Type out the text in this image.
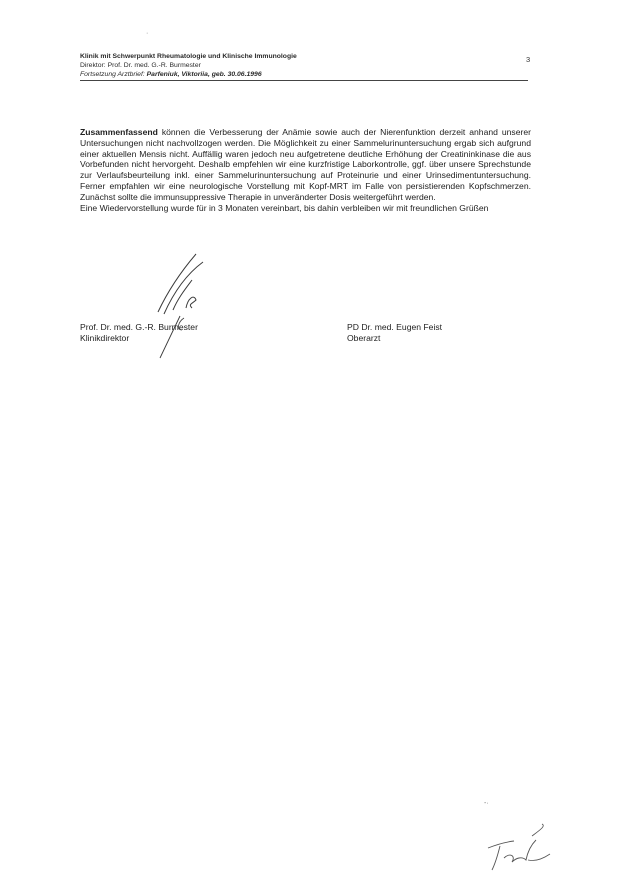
Klinik mit Schwerpunkt Rheumatologie und Klinische Immunologie
Direktor: Prof. Dr. med. G.-R. Burmester
Fortsetzung Arztbrief: Parfeniuk, Viktoriia, geb. 30.06.1996
3
·

Zusammenfassend können die Verbesserung der Anämie sowie auch der Nierenfunktion derzeit anhand unserer Untersuchungen nicht nachvollzogen werden. Die Möglichkeit zu einer Sammelurinuntersuchung ergab sich aufgrund einer aktuellen Mensis nicht. Auffällig waren jedoch neu aufgetretene deutliche Erhöhung der Creatininkinase die aus Vorbefunden nicht hervorgeht. Deshalb empfehlen wir eine kurzfristige Laborkontrolle, ggf. über unsere Sprechstunde zur Verlaufsbeurteilung inkl. einer Sammelurinuntersuchung auf Proteinurie und einer Urinsedimentuntersuchung. Ferner empfahlen wir eine neurologische Vorstellung mit Kopf-MRT im Falle von persistierenden Kopfschmerzen. Zunächst sollte die immunsuppressive Therapie in unveränderter Dosis weitergeführt werden.

Eine Wiedervorstellung wurde für in 3 Monaten vereinbart, bis dahin verbleiben wir mit freundlichen Grüßen

Prof. Dr. med. G.-R. Burmester
Klinikdirektor
PD Dr. med. Eugen Feist
Oberarzt
-·
